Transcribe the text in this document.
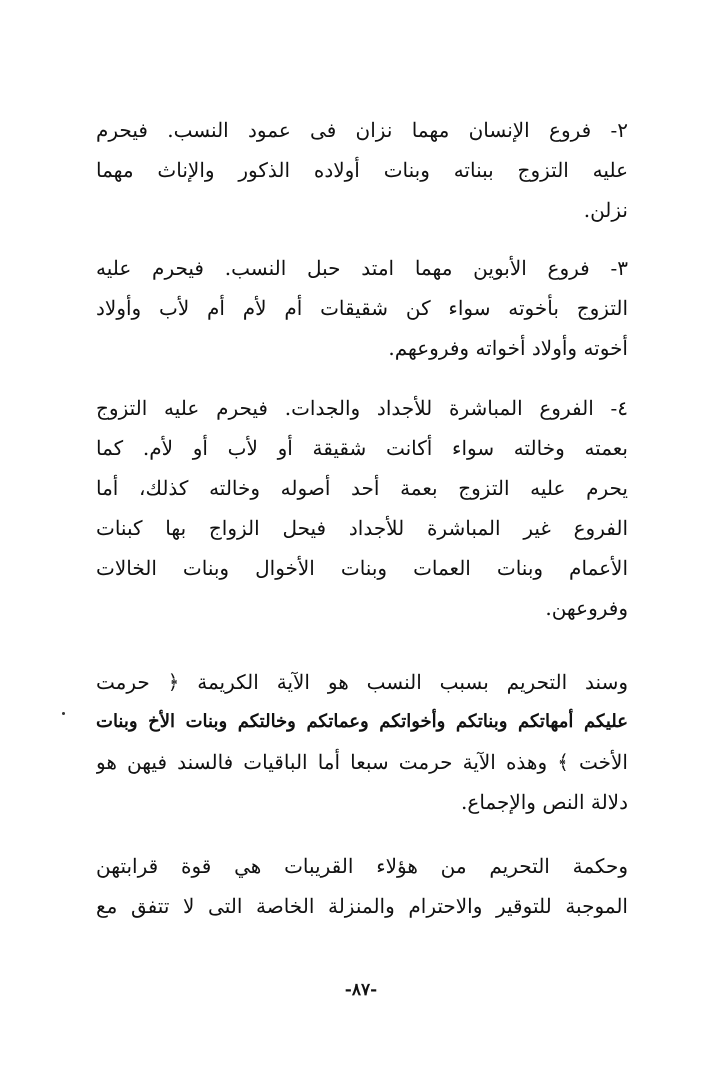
٢- فروع الإنسان مهما نزان فى عمود النسب. فيحرم
عليه التزوج ببناته وبنات أولاده الذكور والإناث مهما
نزلن.
٣- فروع الأبوين مهما امتد حبل النسب. فيحرم عليه
التزوج بأخوته سواء كن شقيقات أم لأم أم لأب وأولاد
أخوته وأولاد أخواته وفروعهم.
٤- الفروع المباشرة للأجداد والجدات. فيحرم عليه التزوج
بعمته وخالته سواء أكانت شقيقة أو لأب أو لأم. كما
يحرم عليه التزوج بعمة أحد أصوله وخالته كذلك، أما
الفروع غير المباشرة للأجداد فيحل الزواج بها كبنات
الأعمام وبنات العمات وبنات الأخوال وبنات الخالات
وفروعهن.
وسند التحريم بسبب النسب هو الآية الكريمة ﴿ حرمت
عليكم أمهاتكم وبناتكم وأخواتكم وعماتكم وخالتكم وبنات الأخ وبنات
الأخت ﴾ وهذه الآية حرمت سبعا أما الباقيات فالسند فيهن هو
دلالة النص والإجماع.
وحكمة التحريم من هؤلاء القريبات هي قوة قرابتهن
الموجبة للتوقير والاحترام والمنزلة الخاصة التى لا تتفق مع
-٨٧-
